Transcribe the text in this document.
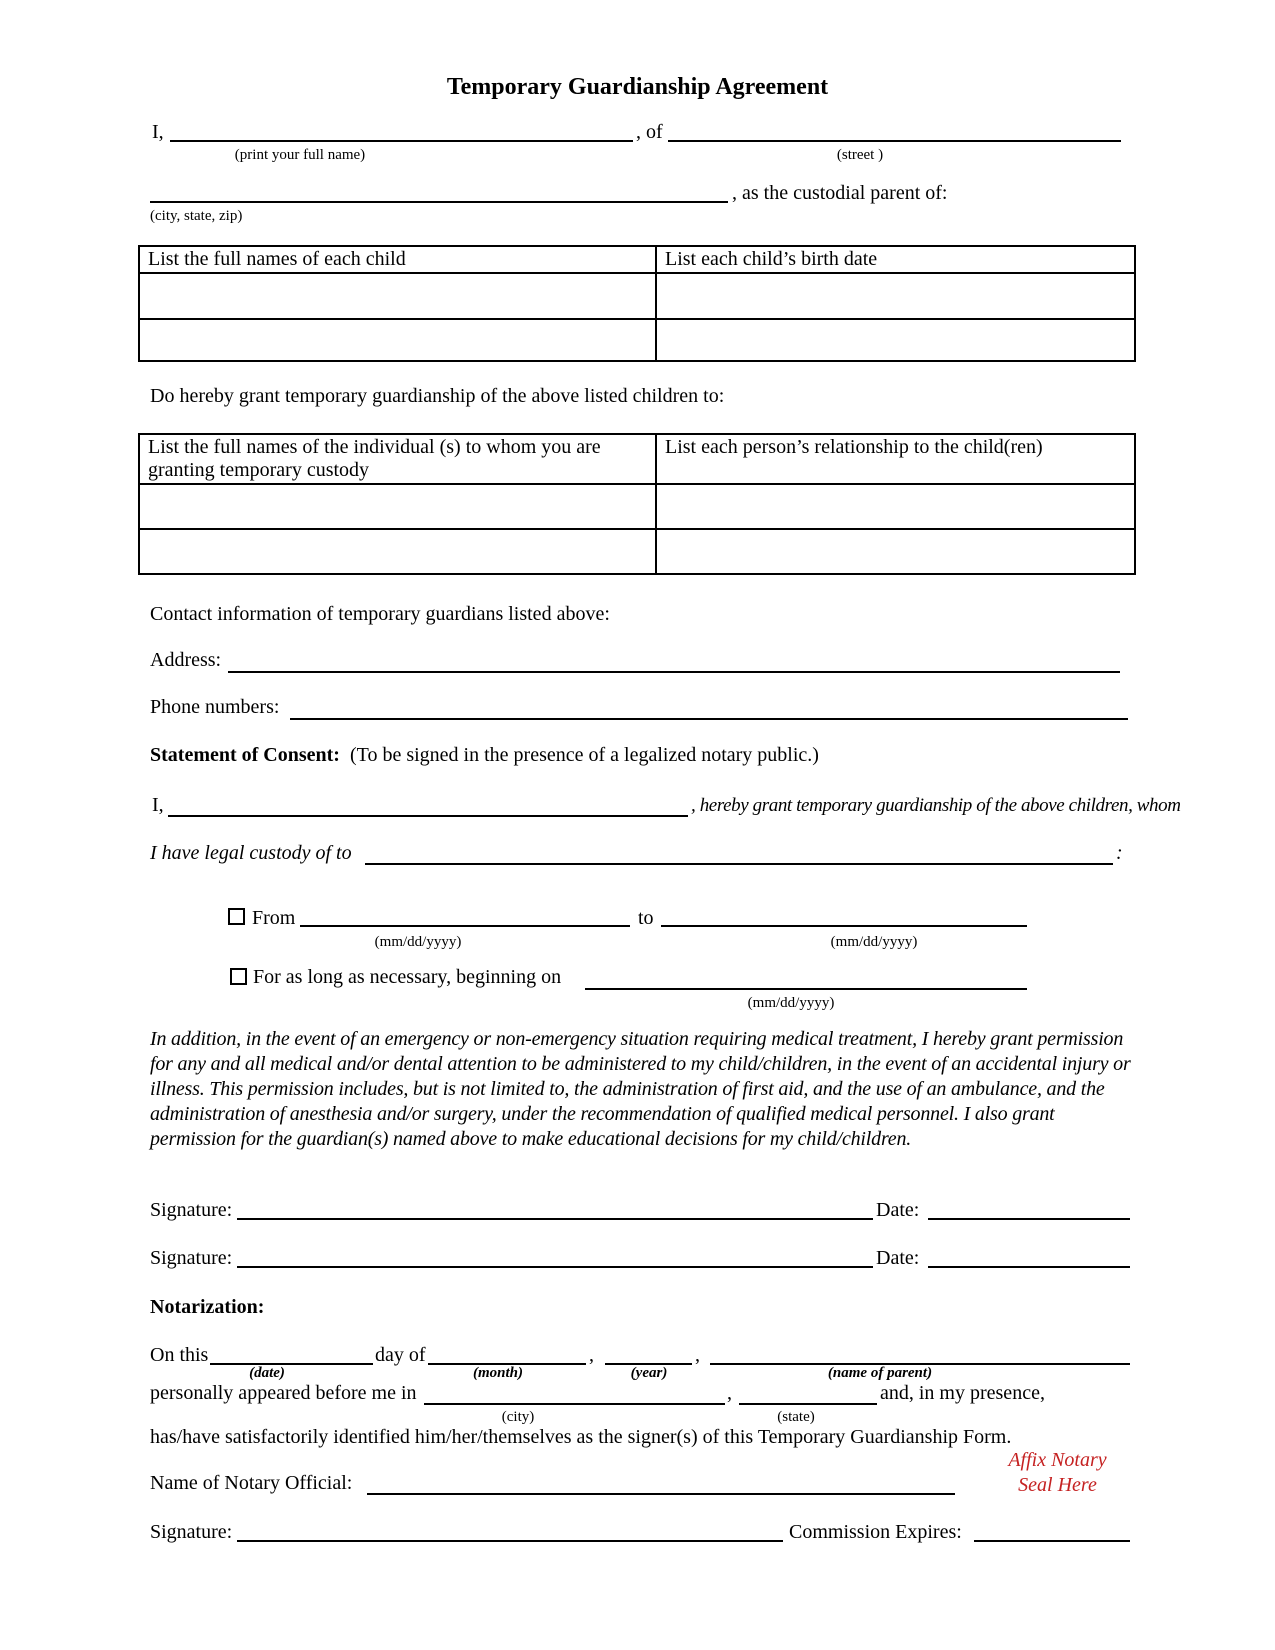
Temporary Guardianship Agreement
I,	, of
(print your full name)	(street )
, as the custodial parent of:
(city, state, zip)
List the full names of each child	List each child’s birth date

Do hereby grant temporary guardianship of the above listed children to:
List the full names of the individual (s) to whom you are granting temporary custody	List each person’s relationship to the child(ren)

Contact information of temporary guardians listed above:
Address:
Phone numbers:
Statement of Consent: (To be signed in the presence of a legalized notary public.)
I,	, hereby grant temporary guardianship of the above children, whom
I have legal custody of to	:
From	to
(mm/dd/yyyy)	(mm/dd/yyyy)
For as long as necessary, beginning on
(mm/dd/yyyy)
In addition, in the event of an emergency or non-emergency situation requiring medical treatment, I hereby grant permission for any and all medical and/or dental attention to be administered to my child/children, in the event of an accidental injury or illness. This permission includes, but is not limited to, the administration of first aid, and the use of an ambulance, and the administration of anesthesia and/or surgery, under the recommendation of qualified medical personnel. I also grant permission for the guardian(s) named above to make educational decisions for my child/children.
Signature:	Date:
Signature:	Date:
Notarization:
On this	day of	,	,
(date)	(month)	(year)	(name of parent)
personally appeared before me in	,	and, in my presence,
(city)	(state)
has/have satisfactorily identified him/her/themselves as the signer(s) of this Temporary Guardianship Form.
Affix Notary
Seal Here
Name of Notary Official:
Signature:	Commission Expires:
